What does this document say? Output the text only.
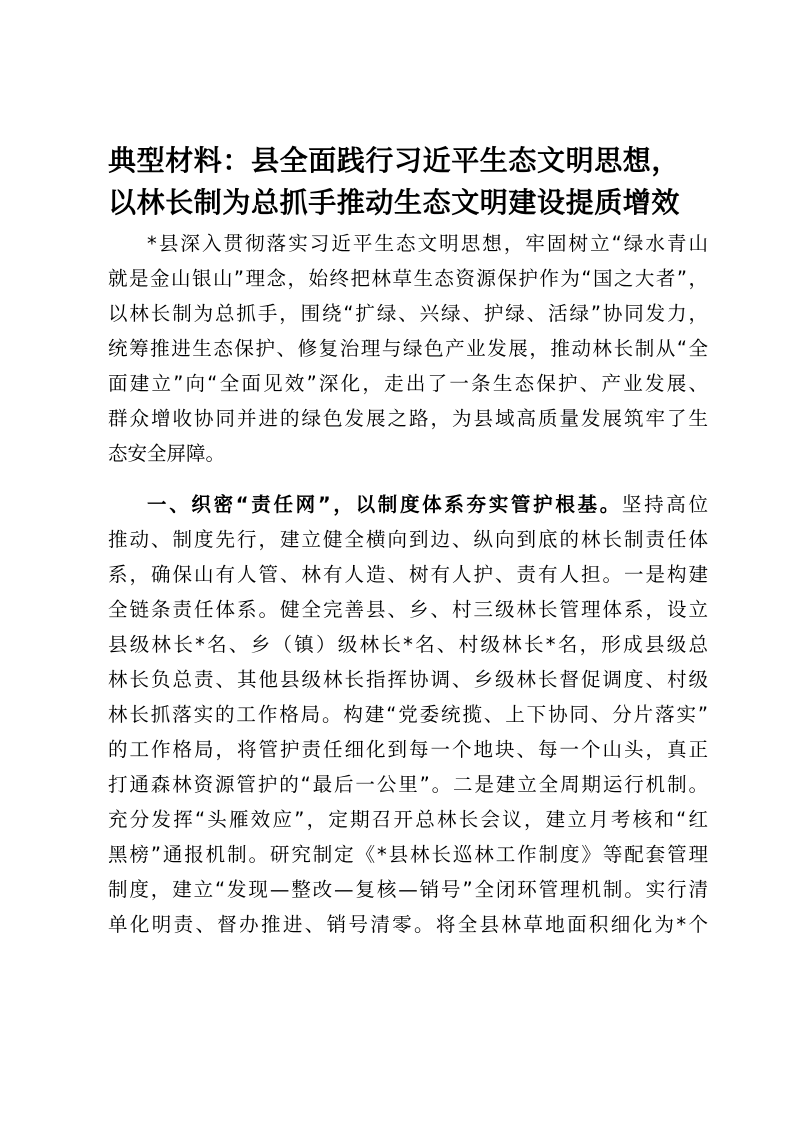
典型材料：县全面践行习近平生态文明思想，
以林长制为总抓手推动生态文明建设提质增效
*县深入贯彻落实习近平生态文明思想，牢固树立“绿水青山
就是金山银山”理念，始终把林草生态资源保护作为“国之大者”，
以林长制为总抓手，围绕“扩绿、兴绿、护绿、活绿”协同发力，
统筹推进生态保护、修复治理与绿色产业发展，推动林长制从“全
面建立”向“全面见效”深化，走出了一条生态保护、产业发展、
群众增收协同并进的绿色发展之路，为县域高质量发展筑牢了生
态安全屏障。
一、织密“责任网”，以制度体系夯实管护根基。坚持高位
推动、制度先行，建立健全横向到边、纵向到底的林长制责任体
系，确保山有人管、林有人造、树有人护、责有人担。一是构建
全链条责任体系。健全完善县、乡、村三级林长管理体系，设立
县级林长*名、乡（镇）级林长*名、村级林长*名，形成县级总
林长负总责、其他县级林长指挥协调、乡级林长督促调度、村级
林长抓落实的工作格局。构建“党委统揽、上下协同、分片落实”
的工作格局，将管护责任细化到每一个地块、每一个山头，真正
打通森林资源管护的“最后一公里”。二是建立全周期运行机制。
充分发挥“头雁效应”，定期召开总林长会议，建立月考核和“红
黑榜”通报机制。研究制定《*县林长巡林工作制度》等配套管理
制度，建立“发现—整改—复核—销号”全闭环管理机制。实行清
单化明责、督办推进、销号清零。将全县林草地面积细化为*个
